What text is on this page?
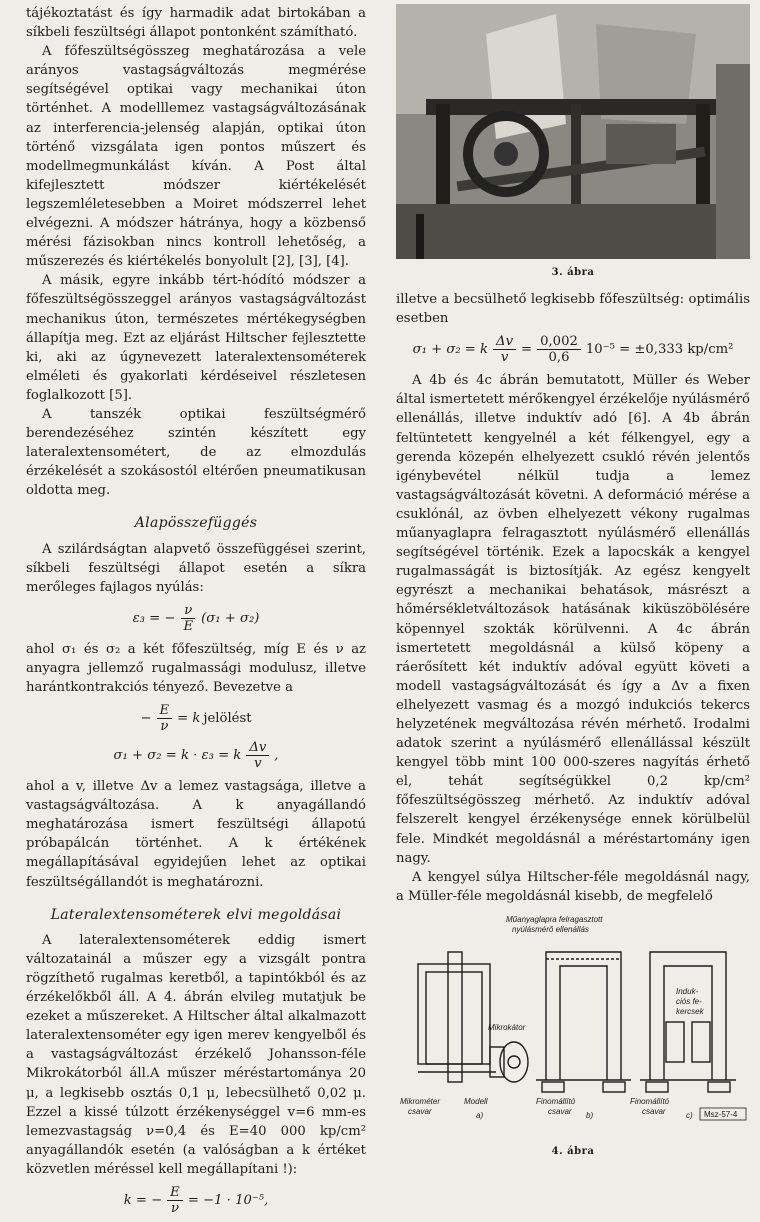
tájékoztatást és így harmadik adat birtokában a síkbeli feszültségi állapot pontonként számítható.

A főfeszültségösszeg meghatározása a vele arányos vastagságváltozás megmérése segítségével optikai vagy mechanikai úton történhet. A modelllemez vastagságváltozásának az interferencia-jelenség alapján, optikai úton történő vizsgálata igen pontos műszert és modellmegmunkálást kíván. A Post által kifejlesztett módszer kiértékelését legszemléletesebben a Moiret módszerrel lehet elvégezni. A módszer hátránya, hogy a közbenső mérési fázisokban nincs kontroll lehetőség, a műszerezés és kiértékelés bonyolult [2], [3], [4].

A másik, egyre inkább tért-hódító módszer a főfeszültségösszeggel arányos vastagságváltozást mechanikus úton, természetes mértékegységben állapítja meg. Ezt az eljárást Hiltscher fejlesztette ki, aki az úgynevezett lateralextensométerek elméleti és gyakorlati kérdéseivel részletesen foglalkozott [5].

A tanszék optikai feszültségmérő berendezéséhez szintén készített egy lateralextensométert, de az elmozdulás érzékelését a szokásostól eltérően pneumatikusan oldotta meg.

Alapösszefüggés

A szilárdságtan alapvető összefüggései szerint, síkbeli feszültségi állapot esetén a síkra merőleges fajlagos nyúlás:

ε₃ = − $\frac{\nu}{E} (\sigma_1 + \sigma_2)$

ahol σ₁ és σ₂ a két főfeszültség, míg E és ν az anyagra jellemző rugalmassági modulusz, illetve harántkontrakciós tényező. Bevezetve a

− $\frac{E}{\nu} = k$ jelölést
σ₁ + σ₂ = k · ε₃ = k $\frac{\Delta v}{v}$ ,

ahol a v, illetve Δv a lemez vastagsága, illetve a vastagságváltozása. A k anyagállandó meghatározása ismert feszültségi állapotú próbapálcán történhet. A k értékének megállapításával egyidejűen lehet az optikai feszültségállandót is meghatározni.

Lateralextensométerek elvi megoldásai

A lateralextensométerek eddig ismert változatainál a műszer egy a vizsgált pontra rögzíthető rugalmas keretből, a tapintókból és az érzékelőkből áll. A 4. ábrán elvileg mutatjuk be ezeket a műszereket. A Hiltscher által alkalmazott lateralextensométer egy igen merev kengyelből és a vastagságváltozást érzékelő Johansson-féle Mikrokátorból áll.A műszer méréstartománya 20 μ, a legkisebb osztás 0,1 μ, lebecsülhető 0,02 μ. Ezzel a kissé túlzott érzékenységgel v=6 mm-es lemezvastagság ν=0,4 és E=40 000 kp/cm² anyagállandók esetén (a valóságban a k értéket közvetlen méréssel kell megállapítani !):

k = − $\frac{E}{\nu} = -1 \cdot 10^{-5}$,
3. ábra

illetve a becsülhető legkisebb főfeszültség: optimális esetben

σ₁ + σ₂ = k $\frac{\Delta v}{v} = \frac{0,002}{0,6} 10^{-5} = \pm 0,333$ kp/cm²

A 4b és 4c ábrán bemutatott, Müller és Weber által ismertetett mérőkengyel érzékelője nyúlásmérő ellenállás, illetve induktív adó [6]. A 4b ábrán feltüntetett kengyelnél a két félkengyel, egy a gerenda közepén elhelyezett csukló révén jelentős igénybevétel nélkül tudja a lemez vastagságváltozását követni. A deformáció mérése a csuklónál, az övben elhelyezett vékony rugalmas műanyaglapra felragasztott nyúlásmérő ellenállás segítségével történik. Ezek a lapocskák a kengyel rugalmasságát is biztosítják. Az egész kengyelt egyrészt a mechanikai behatások, másrészt a hőmérsékletváltozások hatásának kiküszöbölésére köpennyel szokták körülvenni. A 4c ábrán ismertetett megoldásnál a külső köpeny a ráerősített két induktív adóval együtt követi a modell vastagságváltozását és így a Δv a fixen elhelyezett vasmag és a mozgó indukciós tekercs helyzetének megváltozása révén mérhető. Irodalmi adatok szerint a nyúlásmérő ellenállással készült kengyel több mint 100 000-szeres nagyítás érhető el, tehát segítségükkel 0,2 kp/cm² főfeszültségösszeg mérhető. Az induktív adóval felszerelt kengyel érzékenysége ennek körülbelül fele. Mindkét megoldásnál a méréstartomány igen nagy.

A kengyel súlya Hiltscher-féle megoldásnál nagy, a Müller-féle megoldásnál kisebb, de megfelelő

Műanyaglapra felragasztott
nyúlásmérő ellenállás
Mikrokátor
Induk-
ciós fe-
kercsek
Mikrométer
csavar
Modell	Finomállító
csavar
Finomállító
csavar
a)	b)	c) Msz-57-4
4. ábra
